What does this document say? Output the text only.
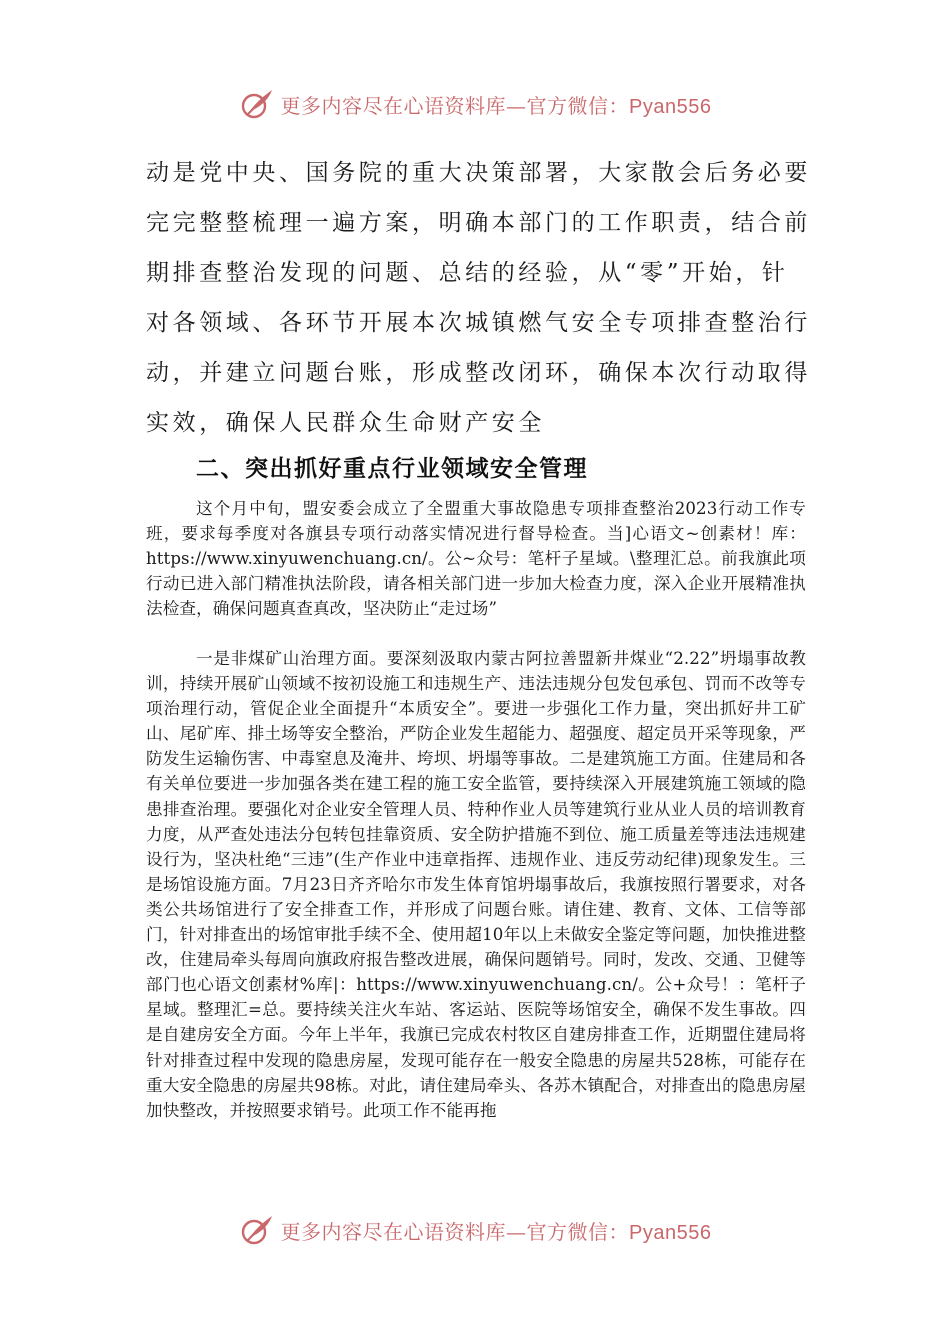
更多内容尽在心语资料库—官方微信：Pyan556

动是党中央、国务院的重大决策部署，大家散会后务必要

完完整整梳理一遍方案，明确本部门的工作职责，结合前

期排查整治发现的问题、总结的经验，从“零”开始，针

对各领域、各环节开展本次城镇燃气安全专项排查整治行

动，并建立问题台账，形成整改闭环，确保本次行动取得

实效，确保人民群众生命财产安全

二、突出抓好重点行业领域安全管理

这个月中旬，盟安委会成立了全盟重大事故隐患专项排查整治2023行动工作专班，要求每季度对各旗县专项行动落实情况进行督导检查。当]心语文~创素材！库：https://www.xinyuwenchuang.cn/。公~众号：笔杆子星域。\整理汇总。前我旗此项行动已进入部门精准执法阶段，请各相关部门进一步加大检查力度，深入企业开展精准执法检查，确保问题真查真改，坚决防止“走过场”

一是非煤矿山治理方面。要深刻汲取内蒙古阿拉善盟新井煤业“2.22”坍塌事故教训，持续开展矿山领域不按初设施工和违规生产、违法违规分包发包承包、罚而不改等专项治理行动，管促企业全面提升“本质安全”。要进一步强化工作力量，突出抓好井工矿山、尾矿库、排土场等安全整治，严防企业发生超能力、超强度、超定员开采等现象，严防发生运输伤害、中毒窒息及淹井、垮坝、坍塌等事故。二是建筑施工方面。住建局和各有关单位要进一步加强各类在建工程的施工安全监管，要持续深入开展建筑施工领域的隐患排查治理。要强化对企业安全管理人员、特种作业人员等建筑行业从业人员的培训教育力度，从严查处违法分包转包挂靠资质、安全防护措施不到位、施工质量差等违法违规建设行为，坚决杜绝“三违”(生产作业中违章指挥、违规作业、违反劳动纪律)现象发生。三是场馆设施方面。7月23日齐齐哈尔市发生体育馆坍塌事故后，我旗按照行署要求，对各类公共场馆进行了安全排查工作，并形成了问题台账。请住建、教育、文体、工信等部门，针对排查出的场馆审批手续不全、使用超10年以上未做安全鉴定等问题，加快推进整改，住建局牵头每周向旗政府报告整改进展，确保问题销号。同时，发改、交通、卫健等部门也心语文创素材%库|：https://www.xinyuwenchuang.cn/。公+众号！：笔杆子星域。整理汇=总。要持续关注火车站、客运站、医院等场馆安全，确保不发生事故。四是自建房安全方面。今年上半年，我旗已完成农村牧区自建房排查工作，近期盟住建局将针对排查过程中发现的隐患房屋，发现可能存在一般安全隐患的房屋共528栋，可能存在重大安全隐患的房屋共98栋。对此，请住建局牵头、各苏木镇配合，对排查出的隐患房屋加快整改，并按照要求销号。此项工作不能再拖

更多内容尽在心语资料库—官方微信：Pyan556
